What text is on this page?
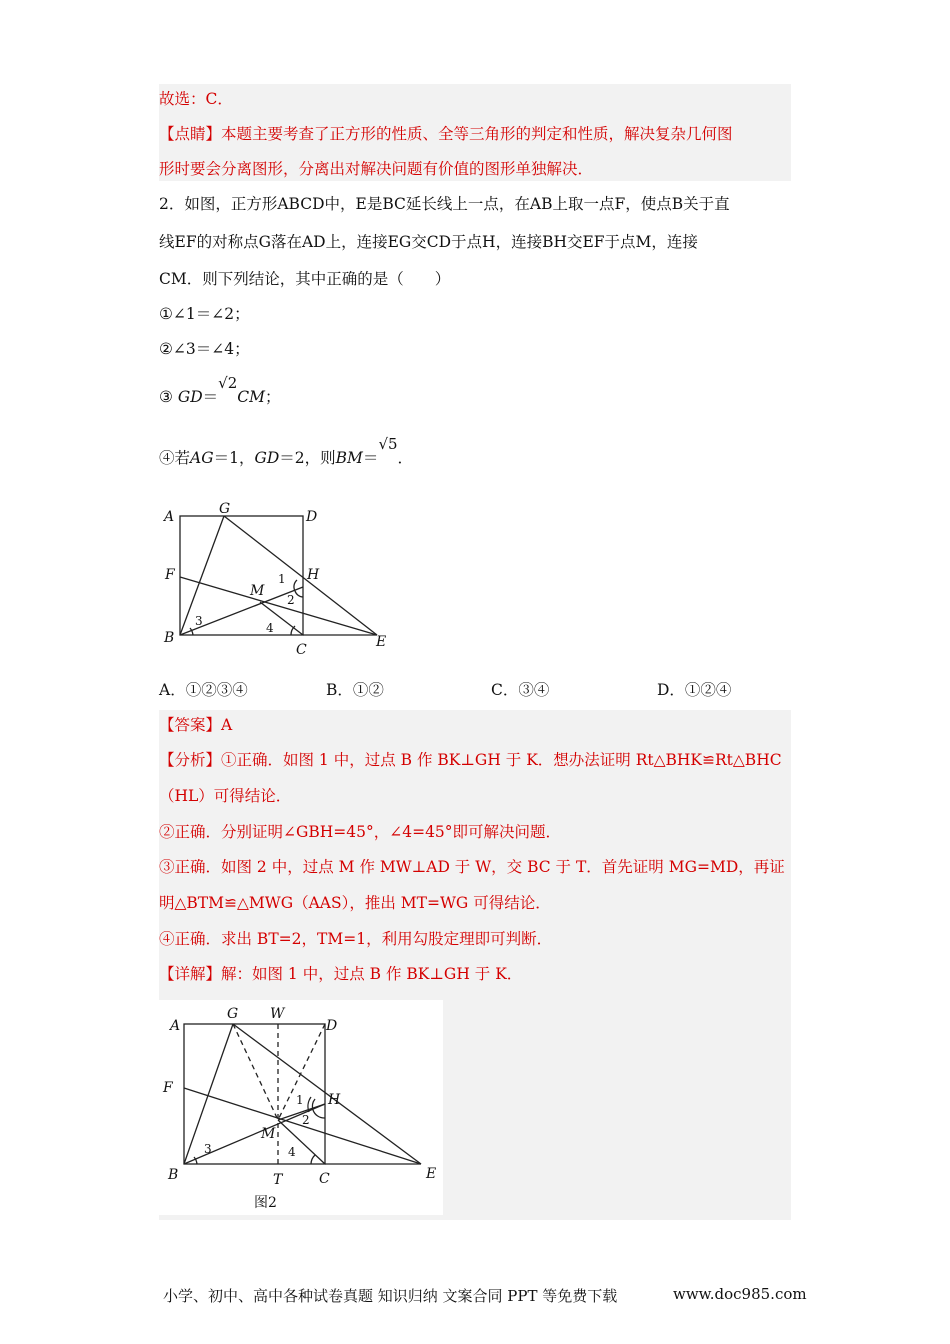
故选：C．
【点睛】本题主要考查了正方形的性质、全等三角形的判定和性质，解决复杂几何图
形时要会分离图形，分离出对解决问题有价值的图形单独解决．
2．如图，正方形ABCD中，E是BC延长线上一点，在AB上取一点F，使点B关于直
线EF的对称点G落在AD上，连接EG交CD于点H，连接BH交EF于点M，连接
CM．则下列结论，其中正确的是（　　）
①∠1＝∠2；
②∠3＝∠4；
③ GD＝√2CM；
④若AG＝1，GD＝2，则BM＝√5．
A	G	D
F	H
M
B
C	E
1
2
3	4
A．①②③④	B．①②	C．③④	D．①②④
【答案】A
【分析】①正确．如图 1 中，过点 B 作 BK⊥GH 于 K．想办法证明 Rt△BHK≌Rt△BHC
（HL）可得结论．
②正确．分别证明∠GBH=45°，∠4=45°即可解决问题．
③正确．如图 2 中，过点 M 作 MW⊥AD 于 W，交 BC 于 T．首先证明 MG=MD，再证
明△BTM≌△MWG（AAS），推出 MT=WG 可得结论．
④正确．求出 BT=2，TM=1，利用勾股定理即可判断．
【详解】解：如图 1 中，过点 B 作 BK⊥GH 于 K．
A
G W
D
F
H
M
B	T	C	E
1
2
3	4
图2
小学、初中、高中各种试卷真题 知识归纳 文案合同 PPT 等免费下载	www.doc985.com
